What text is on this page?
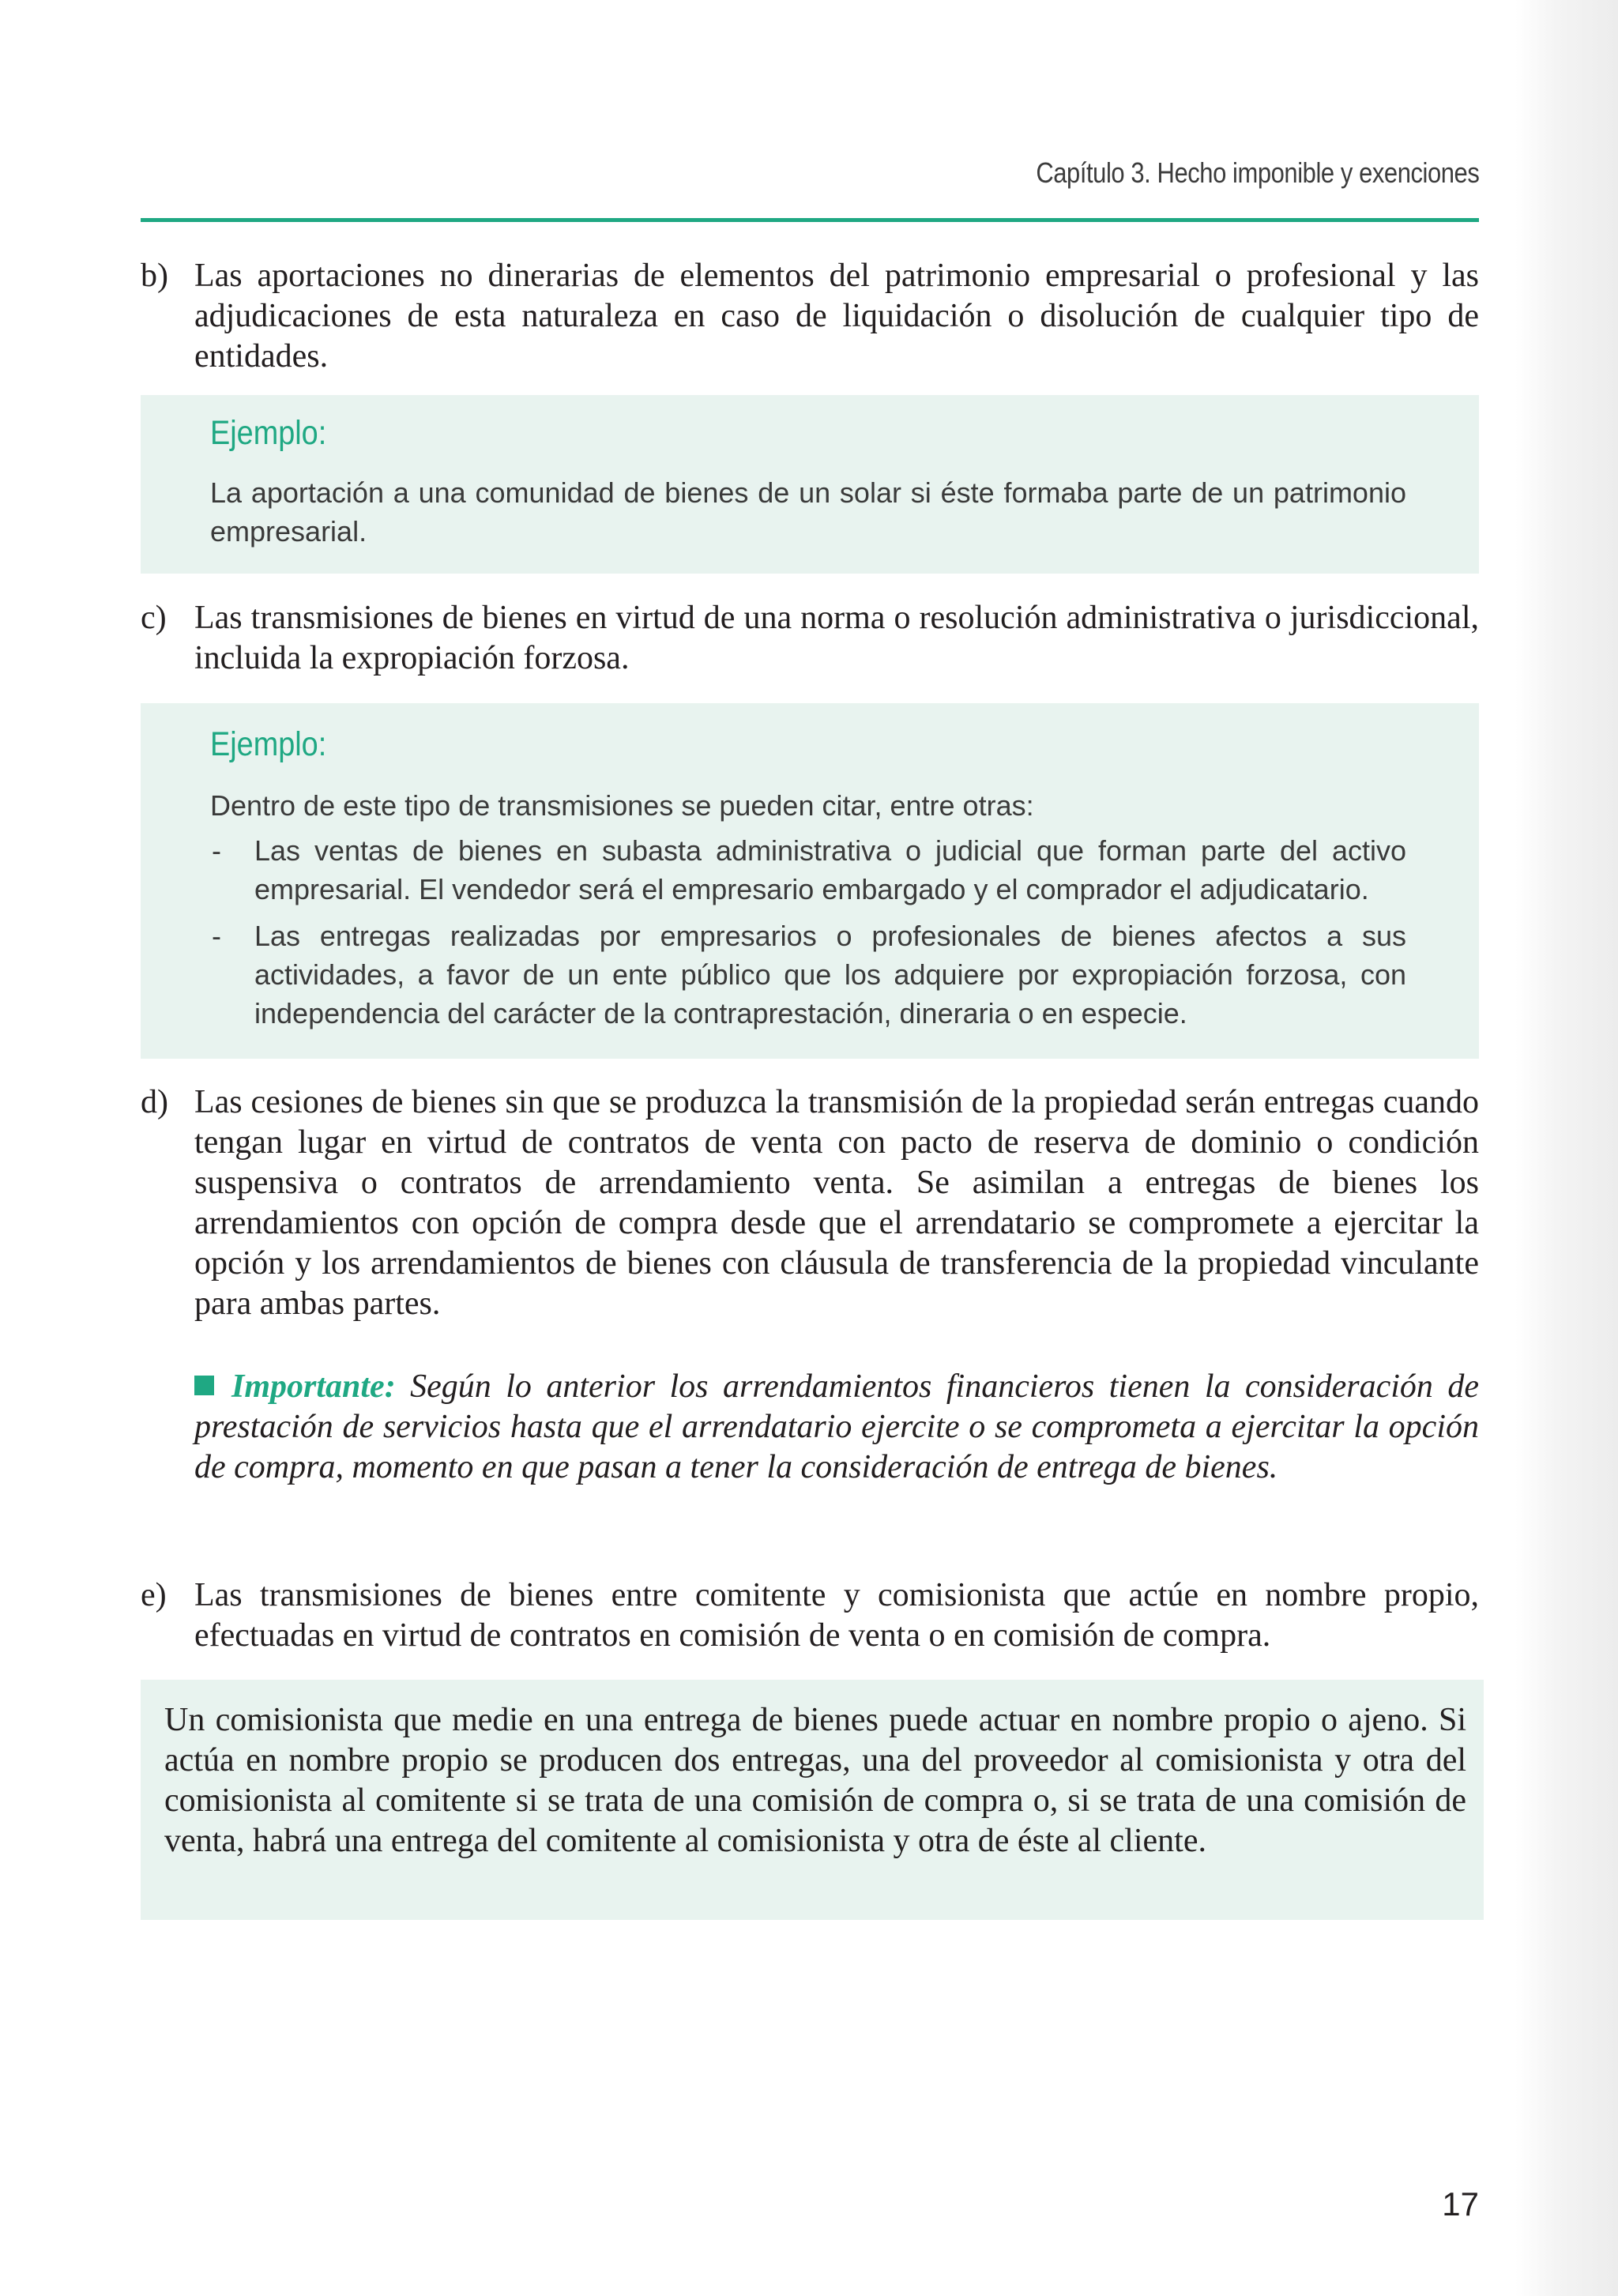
Capítulo 3. Hecho imponible y exenciones
b) Las aportaciones no dinerarias de elementos del patrimonio empresarial o profesional y las adjudicaciones de esta naturaleza en caso de liquidación o disolución de cualquier tipo de entidades.
Ejemplo:
La aportación a una comunidad de bienes de un solar si éste formaba parte de un patrimonio empresarial.
c) Las transmisiones de bienes en virtud de una norma o resolución administrativa o jurisdiccional, incluida la expropiación forzosa.
Ejemplo:
Dentro de este tipo de transmisiones se pueden citar, entre otras:
- Las ventas de bienes en subasta administrativa o judicial que forman parte del activo empresarial. El vendedor será el empresario embargado y el comprador el adjudicatario.
- Las entregas realizadas por empresarios o profesionales de bienes afectos a sus actividades, a favor de un ente público que los adquiere por expropiación forzosa, con independencia del carácter de la contraprestación, dineraria o en especie.
d) Las cesiones de bienes sin que se produzca la transmisión de la propiedad serán entregas cuando tengan lugar en virtud de contratos de venta con pacto de reserva de dominio o condición suspensiva o contratos de arrendamiento venta. Se asimilan a entregas de bienes los arrendamientos con opción de compra desde que el arrendatario se compromete a ejercitar la opción y los arrendamientos de bienes con cláusula de transferencia de la propiedad vinculante para ambas partes.
Importante: Según lo anterior los arrendamientos financieros tienen la consideración de prestación de servicios hasta que el arrendatario ejercite o se comprometa a ejercitar la opción de compra, momento en que pasan a tener la consideración de entrega de bienes.
e) Las transmisiones de bienes entre comitente y comisionista que actúe en nombre propio, efectuadas en virtud de contratos en comisión de venta o en comisión de compra.
Un comisionista que medie en una entrega de bienes puede actuar en nombre propio o ajeno. Si actúa en nombre propio se producen dos entregas, una del proveedor al comisionista y otra del comisionista al comitente si se trata de una comisión de compra o, si se trata de una comisión de venta, habrá una entrega del comitente al comisionista y otra de éste al cliente.
17
